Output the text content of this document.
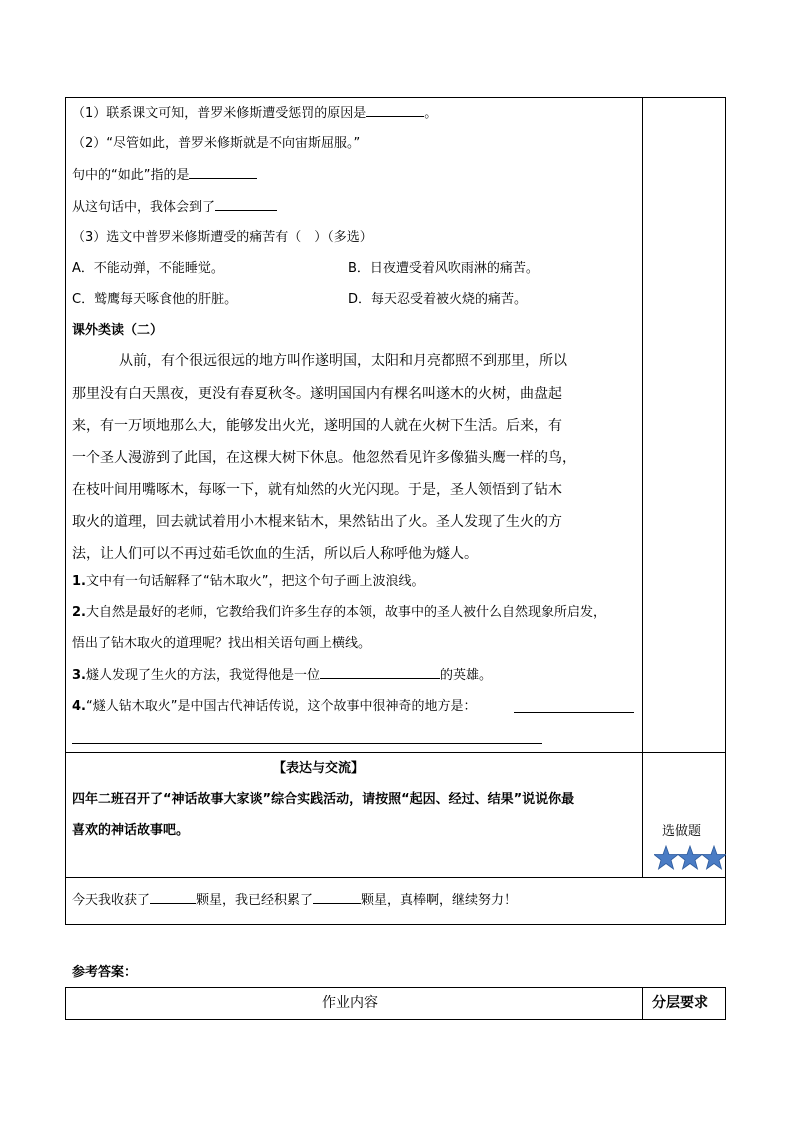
（1）联系课文可知，普罗米修斯遭受惩罚的原因是	。
（2）“尽管如此，普罗米修斯就是不向宙斯屈服。”
句中的“如此”指的是
从这句话中，我体会到了
（3）选文中普罗米修斯遭受的痛苦有（　）（多选）
A．不能动弹，不能睡觉。	B．日夜遭受着风吹雨淋的痛苦。
C．鹫鹰每天啄食他的肝脏。	D．每天忍受着被火烧的痛苦。
课外类读（二）
从前，有个很远很远的地方叫作遂明国，太阳和月亮都照不到那里，所以
那里没有白天黑夜，更没有春夏秋冬。遂明国国内有棵名叫遂木的火树，曲盘起
来，有一万顷地那么大，能够发出火光，遂明国的人就在火树下生活。后来，有
一个圣人漫游到了此国，在这棵大树下休息。他忽然看见许多像猫头鹰一样的鸟，
在枝叶间用嘴啄木，每啄一下，就有灿然的火光闪现。于是，圣人领悟到了钻木
取火的道理，回去就试着用小木棍来钻木，果然钻出了火。圣人发现了生火的方
法，让人们可以不再过茹毛饮血的生活，所以后人称呼他为燧人。
1.文中有一句话解释了“钻木取火”，把这个句子画上波浪线。
2.大自然是最好的老师，它教给我们许多生存的本领，故事中的圣人被什么自然现象所启发，
悟出了钻木取火的道理呢？找出相关语句画上横线。
3.燧人发现了生火的方法，我觉得他是一位	的英雄。
4.“燧人钻木取火”是中国古代神话传说，这个故事中很神奇的地方是：
【表达与交流】
四年二班召开了“神话故事大家谈”综合实践活动，请按照“起因、经过、结果”说说你最
喜欢的神话故事吧。	选做题
今天我收获了	颗星，我已经积累了	颗星，真棒啊，继续努力！
参考答案：
作业内容	分层要求
